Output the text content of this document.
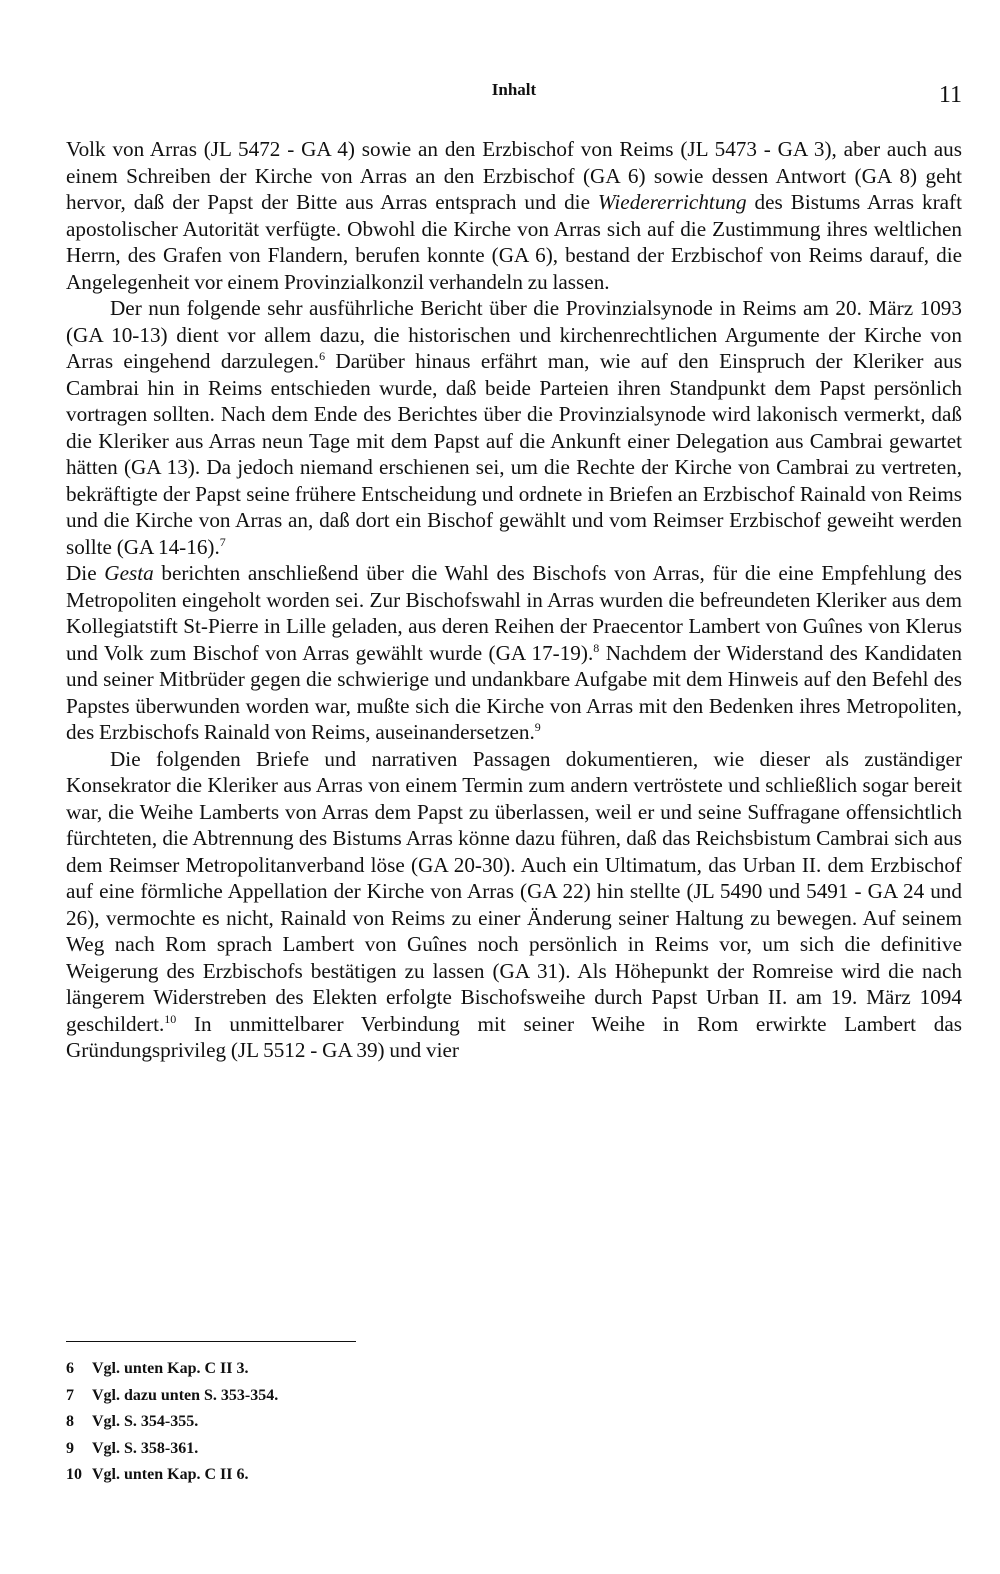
Inhalt	11

Volk von Arras (JL 5472 - GA 4) sowie an den Erzbischof von Reims (JL 5473 - GA 3), aber auch aus einem Schreiben der Kirche von Arras an den Erzbischof (GA 6) sowie dessen Antwort (GA 8) geht hervor, daß der Papst der Bitte aus Arras entsprach und die Wiedererrichtung des Bistums Arras kraft apostolischer Autorität verfügte. Obwohl die Kirche von Arras sich auf die Zustimmung ihres weltlichen Herrn, des Grafen von Flandern, berufen konnte (GA 6), bestand der Erzbischof von Reims darauf, die Angelegenheit vor einem Provinzialkonzil verhandeln zu lassen.

Der nun folgende sehr ausführliche Bericht über die Provinzialsynode in Reims am 20. März 1093 (GA 10-13) dient vor allem dazu, die historischen und kirchenrechtlichen Argumente der Kirche von Arras eingehend darzulegen.$^6$ Darüber hinaus erfährt man, wie auf den Einspruch der Kleriker aus Cambrai hin in Reims entschieden wurde, daß beide Parteien ihren Standpunkt dem Papst persönlich vortragen sollten. Nach dem Ende des Berichtes über die Provinzialsynode wird lakonisch vermerkt, daß die Kleriker aus Arras neun Tage mit dem Papst auf die Ankunft einer Delegation aus Cambrai gewartet hätten (GA 13). Da jedoch niemand erschienen sei, um die Rechte der Kirche von Cambrai zu vertreten, bekräftigte der Papst seine frühere Entscheidung und ordnete in Briefen an Erzbischof Rainald von Reims und die Kirche von Arras an, daß dort ein Bischof gewählt und vom Reimser Erzbischof geweiht werden sollte (GA 14-16).$^7$

Die Gesta berichten anschließend über die Wahl des Bischofs von Arras, für die eine Empfehlung des Metropoliten eingeholt worden sei. Zur Bischofswahl in Arras wurden die befreundeten Kleriker aus dem Kollegiatstift St-Pierre in Lille geladen, aus deren Reihen der Praecentor Lambert von Guînes von Klerus und Volk zum Bischof von Arras gewählt wurde (GA 17-19).$^8$ Nachdem der Widerstand des Kandidaten und seiner Mitbrüder gegen die schwierige und undankbare Aufgabe mit dem Hinweis auf den Befehl des Papstes überwunden worden war, mußte sich die Kirche von Arras mit den Bedenken ihres Metropoliten, des Erzbischofs Rainald von Reims, auseinandersetzen.$^9$

Die folgenden Briefe und narrativen Passagen dokumentieren, wie dieser als zuständiger Konsekrator die Kleriker aus Arras von einem Termin zum andern vertröstete und schließlich sogar bereit war, die Weihe Lamberts von Arras dem Papst zu überlassen, weil er und seine Suffragane offensichtlich fürchteten, die Abtrennung des Bistums Arras könne dazu führen, daß das Reichsbistum Cambrai sich aus dem Reimser Metropolitanverband löse (GA 20-30). Auch ein Ultimatum, das Urban II. dem Erzbischof auf eine förmliche Appellation der Kirche von Arras (GA 22) hin stellte (JL 5490 und 5491 - GA 24 und 26), vermochte es nicht, Rainald von Reims zu einer Änderung seiner Haltung zu bewegen. Auf seinem Weg nach Rom sprach Lambert von Guînes noch persönlich in Reims vor, um sich die definitive Weigerung des Erzbischofs bestätigen zu lassen (GA 31). Als Höhepunkt der Romreise wird die nach längerem Widerstreben des Elekten erfolgte Bischofsweihe durch Papst Urban II. am 19. März 1094 geschildert.$^{10}$ In unmittelbarer Verbindung mit seiner Weihe in Rom erwirkte Lambert das Gründungsprivileg (JL 5512 - GA 39) und vier

6 Vgl. unten Kap. C II 3.
7 Vgl. dazu unten S. 353-354.
8 Vgl. S. 354-355.
9 Vgl. S. 358-361.
10 Vgl. unten Kap. C II 6.
